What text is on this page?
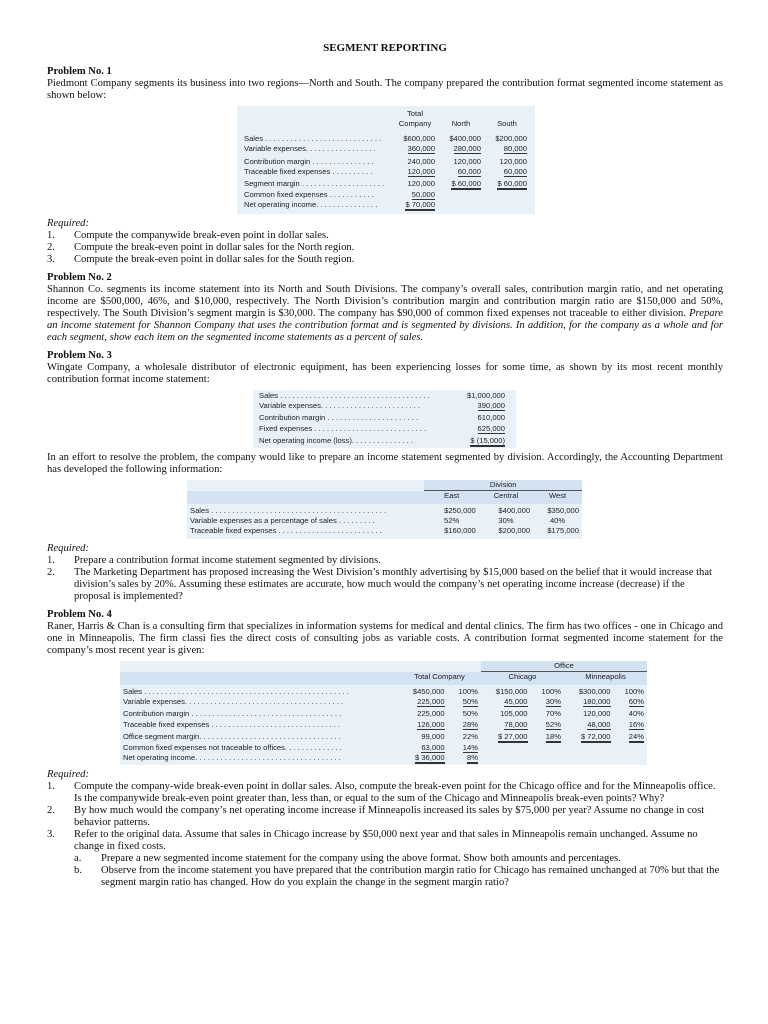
SEGMENT REPORTING
Problem No. 1
Piedmont Company segments its business into two regions—North and South. The company prepared the contribution format segmented income statement as shown below:
	Total		
	Company	North	South

Sales . . . . . . . . . . . . . . . . . . . . . . . . . . . .	$600,000	$400,000	$200,000
Variable expenses. . . . . . . . . . . . . . . . .	360,000	280,000	80,000

Contribution margin . . . . . . . . . . . . . . .	240,000	120,000	120,000
Traceable fixed expenses . . . . . . . . . .	120,000	60,000	60,000

Segment margin . . . . . . . . . . . . . . . . . . . .	120,000	$ 60,000	$ 60,000
Common fixed expenses . . . . . . . . . . .	50,000		
Net operating income. . . . . . . . . . . . . . .	$ 70,000		
Required:
1. Compute the companywide break-even point in dollar sales.
2. Compute the break-even point in dollar sales for the North region.
3. Compute the break-even point in dollar sales for the South region.
Problem No. 2
Shannon Co. segments its income statement into its North and South Divisions. The company’s overall sales, contribution margin ratio, and net operating income are $500,000, 46%, and $10,000, respectively. The North Division’s contribution margin and contribution margin ratio are $150,000 and 50%, respectively. The South Division’s segment margin is $30,000. The company has $90,000 of common fixed expenses not traceable to either division. Prepare an income statement for Shannon Company that uses the contribution format and is segmented by divisions. In addition, for the company as a whole and for each segment, show each item on the segmented income statements as a percent of sales.
Problem No. 3
Wingate Company, a wholesale distributor of electronic equipment, has been experiencing losses for some time, as shown by its most recent monthly contribution format income statement:
Sales . . . . . . . . . . . . . . . . . . . . . . . . . . . . . . . . . . . .	$1,000,000
Variable expenses. . . . . . . . . . . . . . . . . . . . . . . .	390,000

Contribution margin . . . . . . . . . . . . . . . . . . . . . .	610,000
Fixed expenses . . . . . . . . . . . . . . . . . . . . . . . . . . .	625,000

Net operating income (loss). . . . . . . . . . . . . . .	$ (15,000)
In an effort to resolve the problem, the company would like to prepare an income statement segmented by division. Accordingly, the Accounting Department has developed the following information:
	Division		
	East	Central	West

Sales . . . . . . . . . . . . . . . . . . . . . . . . . . . . . . . . . . . . . . . . . .	$250,000	$400,000	$350,000
Variable expenses as a percentage of sales . . . . . . . . .	52%	30%	40%
Traceable fixed expenses . . . . . . . . . . . . . . . . . . . . . . . . .	$160,000	$200,000	$175,000
Required:
1. Prepare a contribution format income statement segmented by divisions.
2. The Marketing Department has proposed increasing the West Division’s monthly advertising by $15,000 based on the belief that it would increase that division’s sales by 20%. Assuming these estimates are accurate, how much would the company’s net operating income increase (decrease) if the proposal is implemented?
Problem No. 4
Raner, Harris & Chan is a consulting firm that specializes in information systems for medical and dental clinics. The firm has two offices - one in Chicago and one in Minneapolis. The firm classi fies the direct costs of consulting jobs as variable costs. A contribution format segmented income statement for the company’s most recent year is given:
			Office			
	Total Company		Chicago		Minneapolis	

Sales . . . . . . . . . . . . . . . . . . . . . . . . . . . . . . . . . . . . . . . . . . . . . . . . .	$450,000	100%	$150,000	100%	$300,000	100%
Variable expenses. . . . . . . . . . . . . . . . . . . . . . . . . . . . . . . . . . . . . .	225,000	50%	45,000	30%	180,000	60%

Contribution margin . . . . . . . . . . . . . . . . . . . . . . . . . . . . . . . . . . . .	225,000	50%	105,000	70%	120,000	40%
Traceable fixed expenses . . . . . . . . . . . . . . . . . . . . . . . . . . . . . . .	126,000	28%	78,000	52%	48,000	16%

Office segment margin. . . . . . . . . . . . . . . . . . . . . . . . . . . . . . . . . .	99,000	22%	$ 27,000	18%	$ 72,000	24%
Common fixed expenses not traceable to offices. . . . . . . . . . . . . .	63,000	14%				
Net operating income. . . . . . . . . . . . . . . . . . . . . . . . . . . . . . . . . . .	$ 36,000	8%				
Required:
1. Compute the company-wide break-even point in dollar sales. Also, compute the break-even point for the Chicago office and for the Minneapolis office. Is the companywide break-even point greater than, less than, or equal to the sum of the Chicago and Minneapolis break-even points? Why?
2. By how much would the company’s net operating income increase if Minneapolis increased its sales by $75,000 per year? Assume no change in cost behavior patterns.
3. Refer to the original data. Assume that sales in Chicago increase by $50,000 next year and that sales in Minneapolis remain unchanged. Assume no change in fixed costs.
a. Prepare a new segmented income statement for the company using the above format. Show both amounts and percentages.
b. Observe from the income statement you have prepared that the contribution margin ratio for Chicago has remained unchanged at 70% but that the segment margin ratio has changed. How do you explain the change in the segment margin ratio?
